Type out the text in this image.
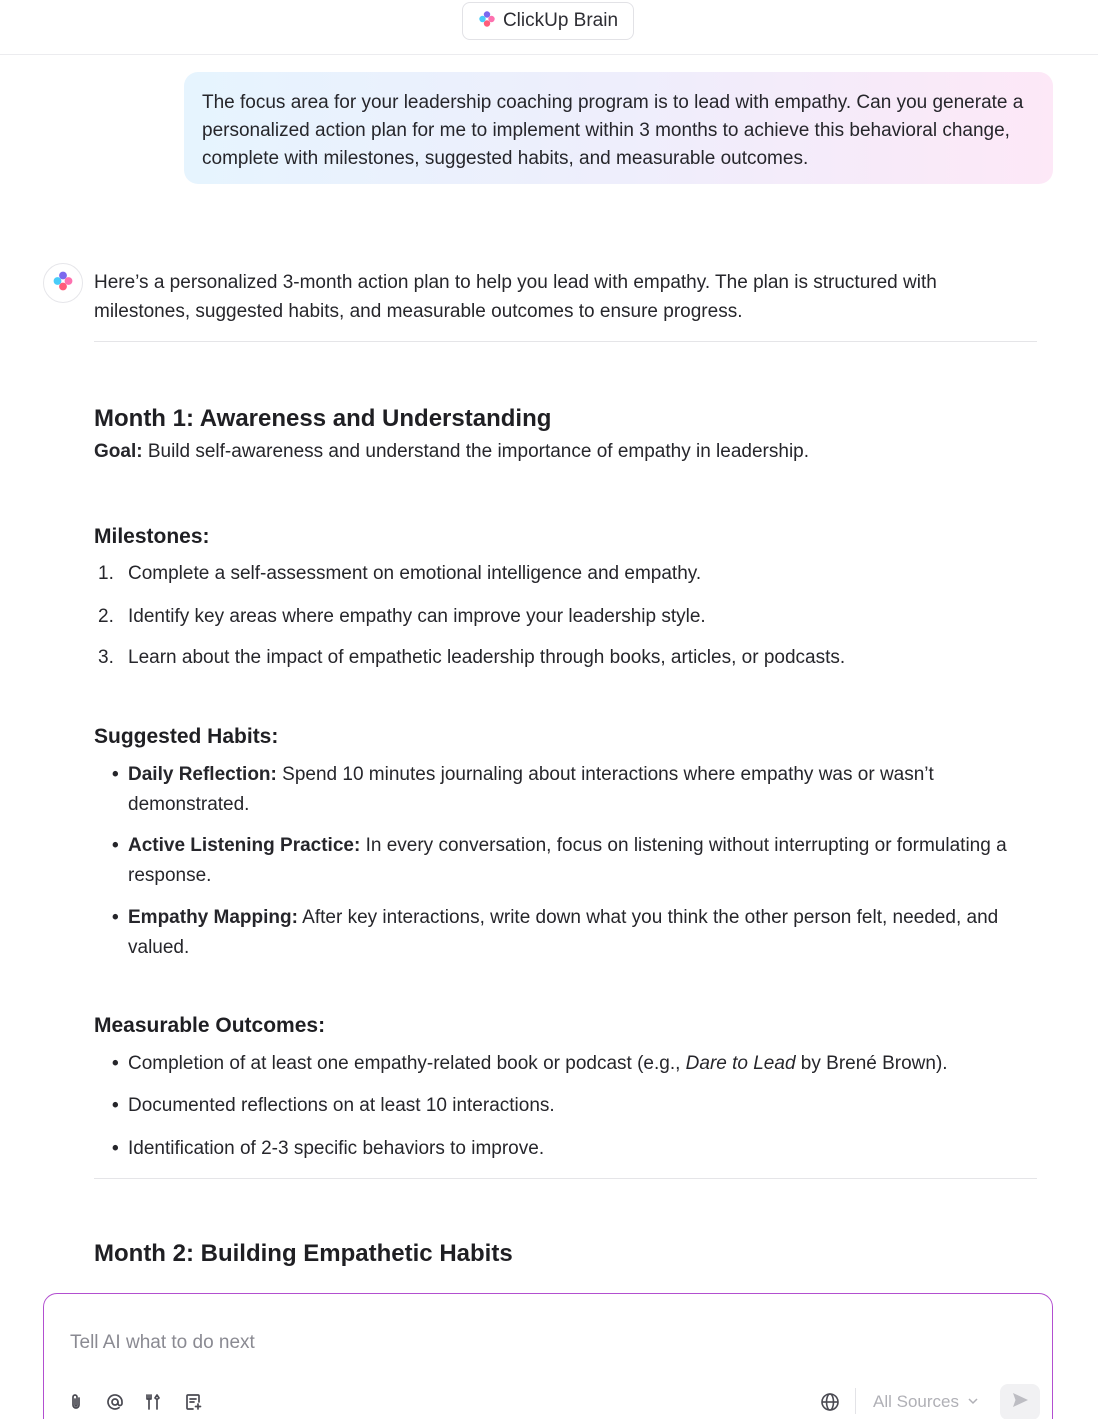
ClickUp Brain
The focus area for your leadership coaching program is to lead with empathy. Can you generate a personalized action plan for me to implement within 3 months to achieve this behavioral change, complete with milestones, suggested habits, and measurable outcomes.
Here’s a personalized 3-month action plan to help you lead with empathy. The plan is structured with milestones, suggested habits, and measurable outcomes to ensure progress.
Month 1: Awareness and Understanding
Goal: Build self-awareness and understand the importance of empathy in leadership.
Milestones:
1. Complete a self-assessment on emotional intelligence and empathy.
2. Identify key areas where empathy can improve your leadership style.
3. Learn about the impact of empathetic leadership through books, articles, or podcasts.
Suggested Habits:
• Daily Reflection: Spend 10 minutes journaling about interactions where empathy was or wasn’t demonstrated.
• Active Listening Practice: In every conversation, focus on listening without interrupting or formulating a response.
• Empathy Mapping: After key interactions, write down what you think the other person felt, needed, and valued.
Measurable Outcomes:
• Completion of at least one empathy-related book or podcast (e.g., Dare to Lead by Brené Brown).
• Documented reflections on at least 10 interactions.
• Identification of 2-3 specific behaviors to improve.
Month 2: Building Empathetic Habits
Tell AI what to do next
All Sources
